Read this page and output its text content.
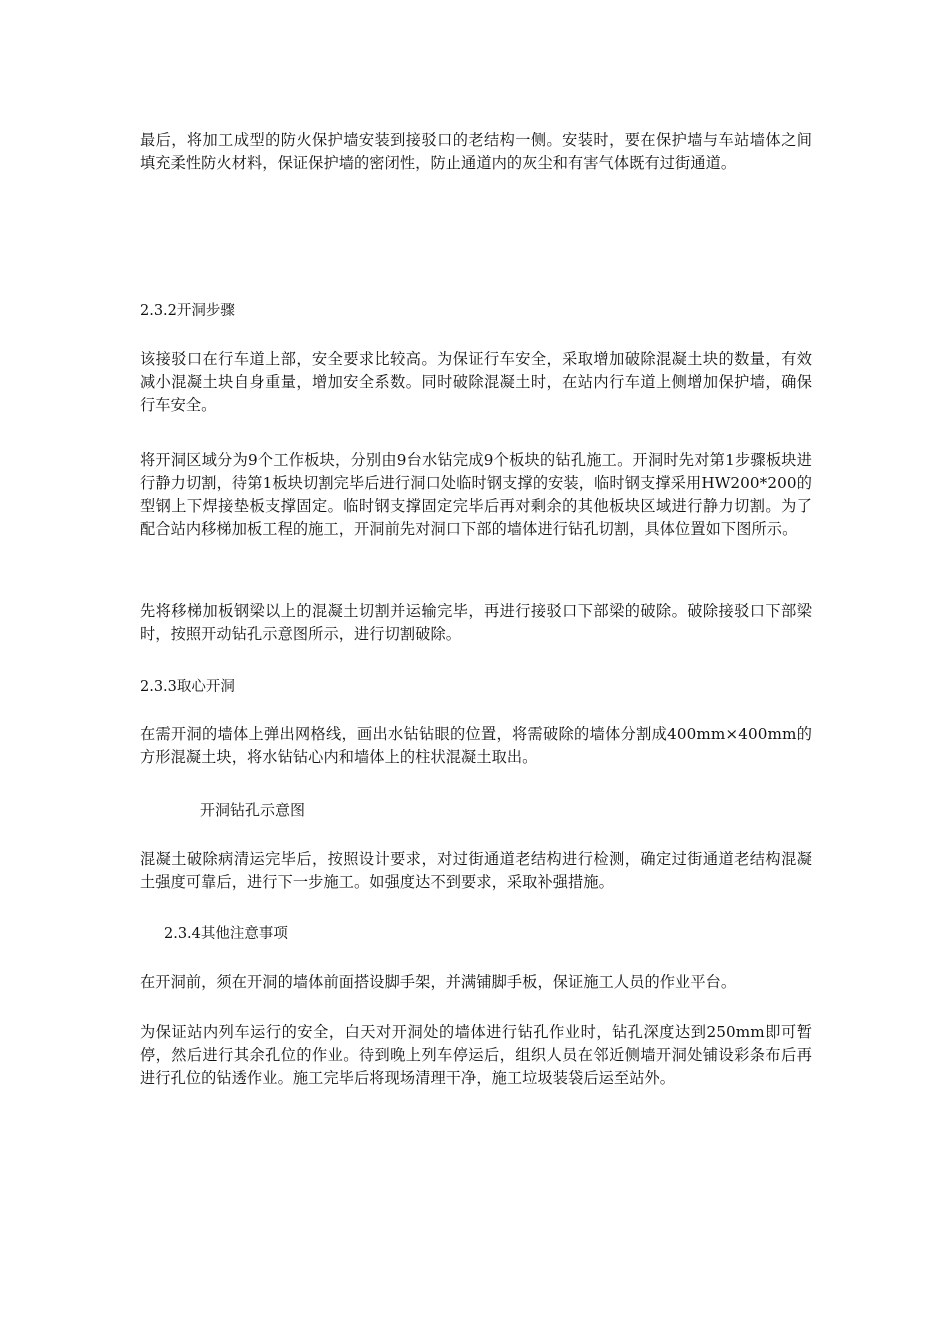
最后，将加工成型的防火保护墙安装到接驳口的老结构一侧。安装时，要在保护墙与车站墙体之间填充柔性防火材料，保证保护墙的密闭性，防止通道内的灰尘和有害气体既有过街通道。

2.3.2开洞步骤

该接驳口在行车道上部，安全要求比较高。为保证行车安全，采取增加破除混凝土块的数量，有效减小混凝土块自身重量，增加安全系数。同时破除混凝土时，在站内行车道上侧增加保护墙，确保行车安全。

将开洞区域分为9个工作板块，分别由9台水钻完成9个板块的钻孔施工。开洞时先对第1步骤板块进行静力切割，待第1板块切割完毕后进行洞口处临时钢支撑的安装，临时钢支撑采用HW200*200的型钢上下焊接垫板支撑固定。临时钢支撑固定完毕后再对剩余的其他板块区域进行静力切割。为了配合站内移梯加板工程的施工，开洞前先对洞口下部的墙体进行钻孔切割，具体位置如下图所示。

先将移梯加板钢梁以上的混凝土切割并运输完毕，再进行接驳口下部梁的破除。破除接驳口下部梁时，按照开动钻孔示意图所示，进行切割破除。

2.3.3取心开洞

在需开洞的墙体上弹出网格线，画出水钻钻眼的位置，将需破除的墙体分割成400mm×400mm的方形混凝土块，将水钻钻心内和墙体上的柱状混凝土取出。

开洞钻孔示意图

混凝土破除病清运完毕后，按照设计要求，对过街通道老结构进行检测，确定过街通道老结构混凝土强度可靠后，进行下一步施工。如强度达不到要求，采取补强措施。

2.3.4其他注意事项

在开洞前，须在开洞的墙体前面搭设脚手架，并满铺脚手板，保证施工人员的作业平台。

为保证站内列车运行的安全，白天对开洞处的墙体进行钻孔作业时，钻孔深度达到250mm即可暂停，然后进行其余孔位的作业。待到晚上列车停运后，组织人员在邻近侧墙开洞处铺设彩条布后再进行孔位的钻透作业。施工完毕后将现场清理干净，施工垃圾装袋后运至站外。
